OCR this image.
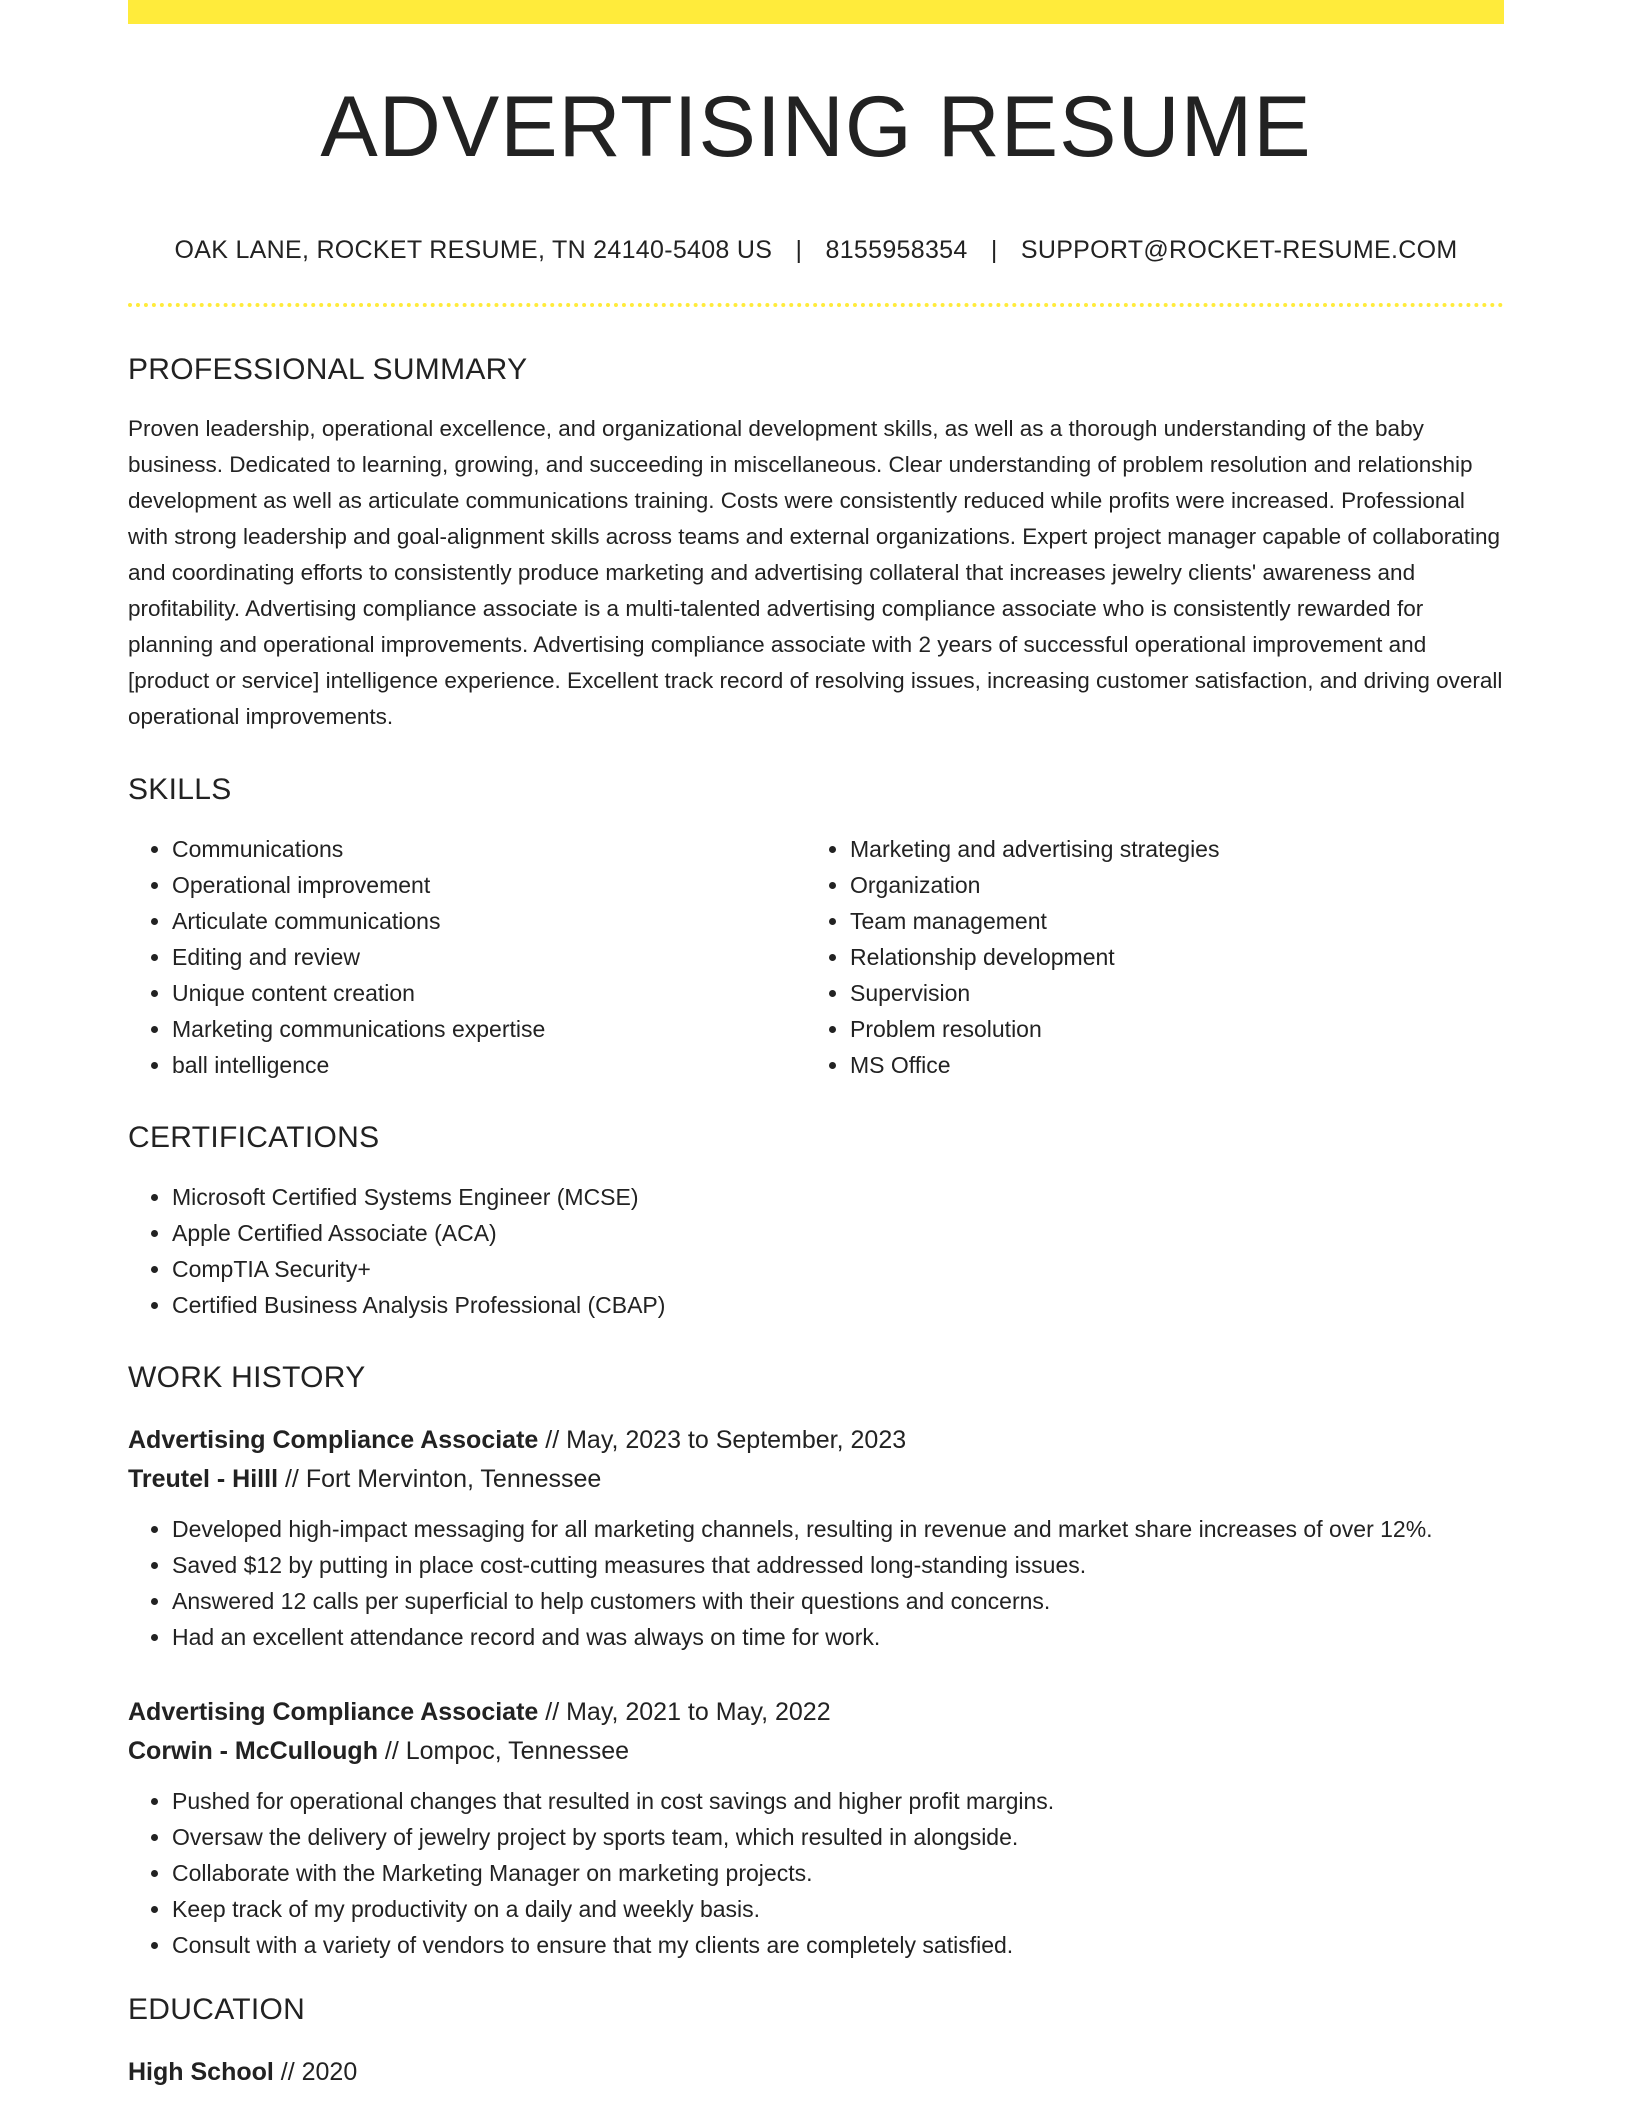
ADVERTISING RESUME
OAK LANE, ROCKET RESUME, TN 24140-5408 US | 8155958354 | SUPPORT@ROCKET-RESUME.COM
PROFESSIONAL SUMMARY

Proven leadership, operational excellence, and organizational development skills, as well as a thorough understanding of the baby business. Dedicated to learning, growing, and succeeding in miscellaneous. Clear understanding of problem resolution and relationship development as well as articulate communications training. Costs were consistently reduced while profits were increased. Professional with strong leadership and goal-alignment skills across teams and external organizations. Expert project manager capable of collaborating and coordinating efforts to consistently produce marketing and advertising collateral that increases jewelry clients' awareness and profitability. Advertising compliance associate is a multi-talented advertising compliance associate who is consistently rewarded for planning and operational improvements. Advertising compliance associate with 2 years of successful operational improvement and [product or service] intelligence experience. Excellent track record of resolving issues, increasing customer satisfaction, and driving overall operational improvements.

SKILLS
• Communications
• Operational improvement
• Articulate communications
• Editing and review
• Unique content creation
• Marketing communications expertise
• ball intelligence
• Marketing and advertising strategies
• Organization
• Team management
• Relationship development
• Supervision
• Problem resolution
• MS Office
CERTIFICATIONS
• Microsoft Certified Systems Engineer (MCSE)
• Apple Certified Associate (ACA)
• CompTIA Security+
• Certified Business Analysis Professional (CBAP)
WORK HISTORY
Advertising Compliance Associate // May, 2023 to September, 2023
Treutel - Hilll // Fort Mervinton, Tennessee
• Developed high-impact messaging for all marketing channels, resulting in revenue and market share increases of over 12%.
• Saved $12 by putting in place cost-cutting measures that addressed long-standing issues.
• Answered 12 calls per superficial to help customers with their questions and concerns.
• Had an excellent attendance record and was always on time for work.
Advertising Compliance Associate // May, 2021 to May, 2022
Corwin - McCullough // Lompoc, Tennessee
• Pushed for operational changes that resulted in cost savings and higher profit margins.
• Oversaw the delivery of jewelry project by sports team, which resulted in alongside.
• Collaborate with the Marketing Manager on marketing projects.
• Keep track of my productivity on a daily and weekly basis.
• Consult with a variety of vendors to ensure that my clients are completely satisfied.
EDUCATION
High School // 2020
